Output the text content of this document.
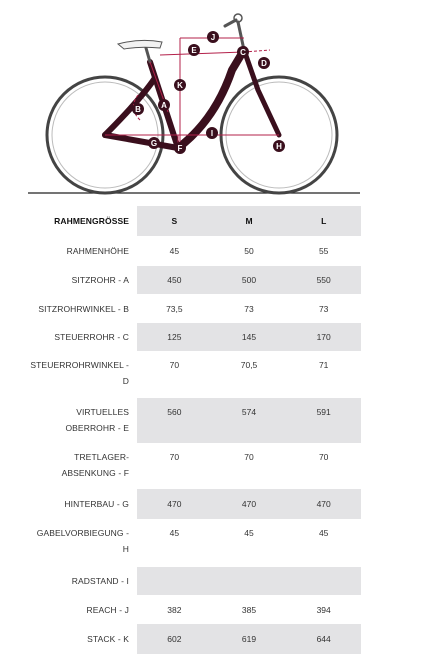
A
B
C
D
E
F
G	H
I
J
K
RAHMENGRÖSSE	S	M	L
RAHMENHÖHE	45	50	55
SITZROHR - A	450	500	550
SITZROHRWINKEL - B	73,5	73	73
STEUERROHR - C	125	145	170
STEUERROHRWINKEL -
D
70	70,5	71
VIRTUELLES
OBERROHR - E
560	574	591
TRETLAGER-
ABSENKUNG - F
70	70	70
HINTERBAU - G	470	470	470
GABELVORBIEGUNG -
H
45	45	45
RADSTAND - I
REACH - J	382	385	394
STACK - K	602	619	644
